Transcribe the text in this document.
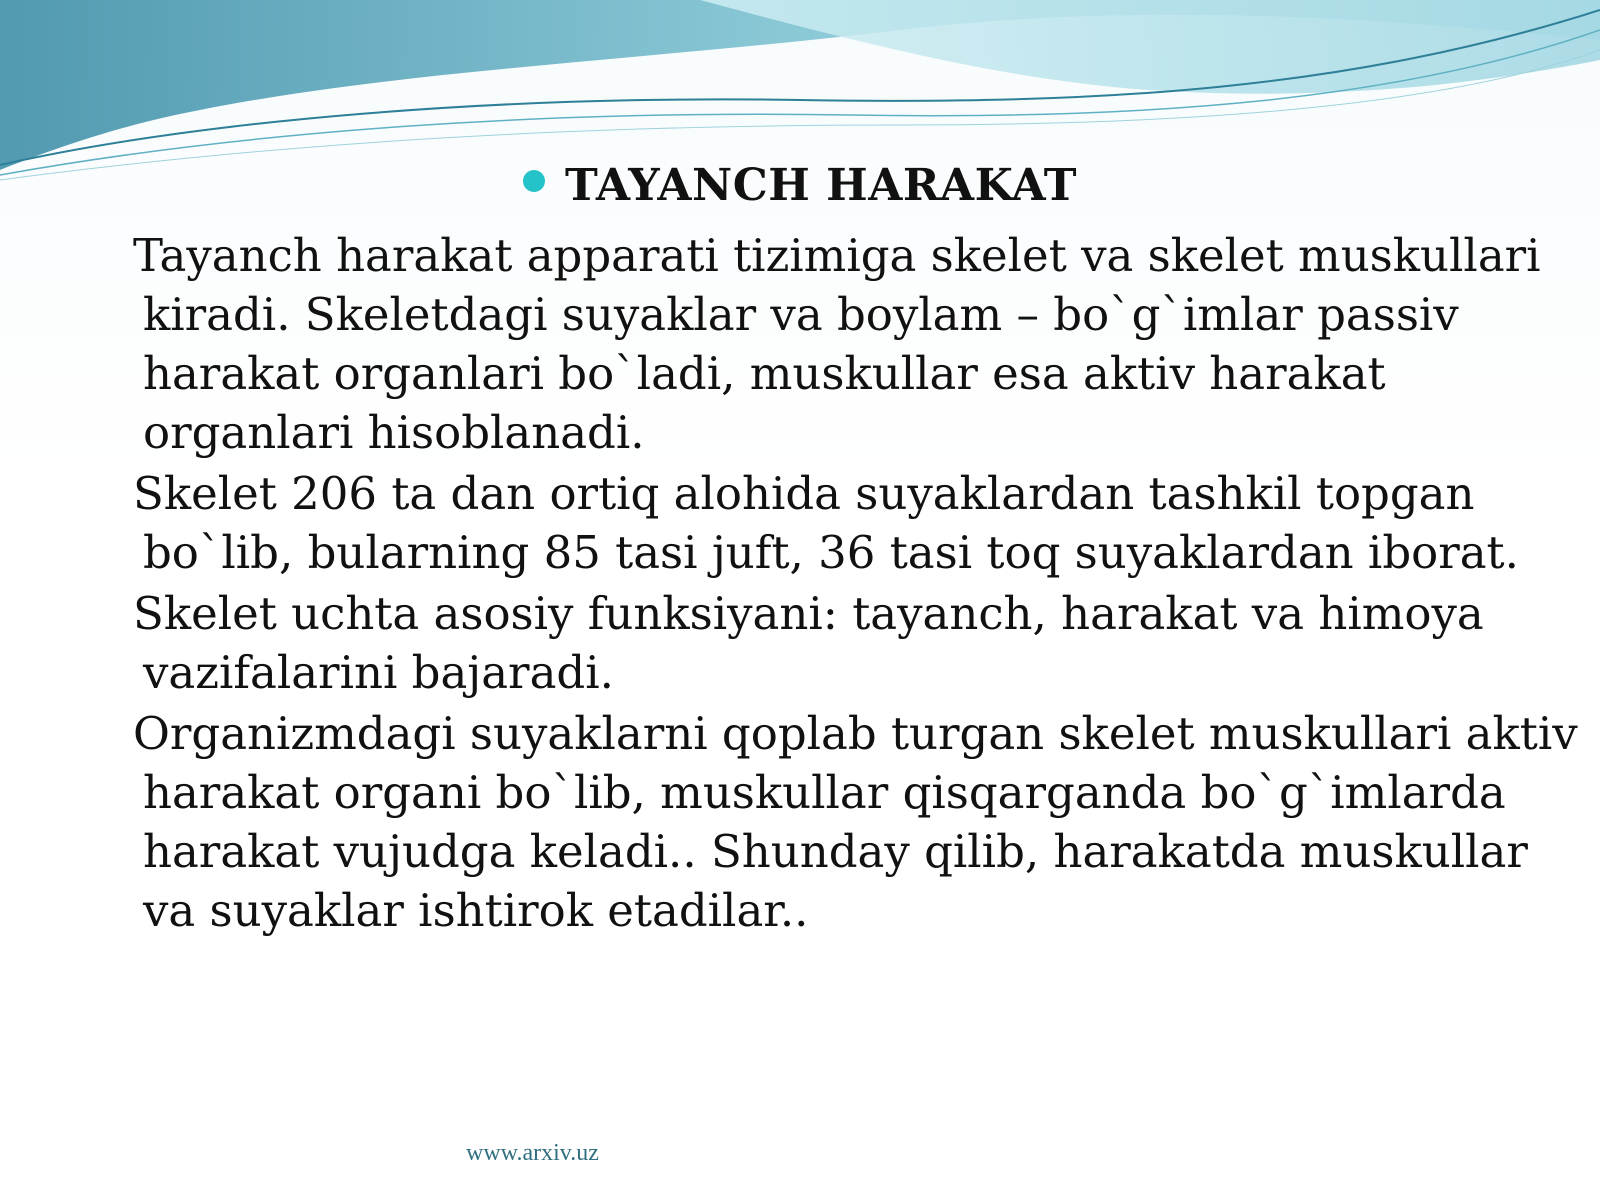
TAYANCH HARAKAT

Tayanch harakat apparati tizimiga skelet va skelet muskullari kiradi. Skeletdagi suyaklar va boylam – bo`g`imlar passiv harakat organlari bo`ladi, muskullar esa aktiv harakat organlari hisoblanadi.

Skelet 206 ta dan ortiq alohida suyaklardan tashkil topgan bo`lib, bularning 85 tasi juft, 36 tasi toq suyaklardan iborat.

Skelet uchta asosiy funksiyani: tayanch, harakat va himoya vazifalarini bajaradi.

Organizmdagi suyaklarni qoplab turgan skelet muskullari aktiv harakat organi bo`lib, muskullar qisqarganda bo`g`imlarda harakat vujudga keladi.. Shunday qilib, harakatda muskullar va suyaklar ishtirok etadilar..

www.arxiv.uz
